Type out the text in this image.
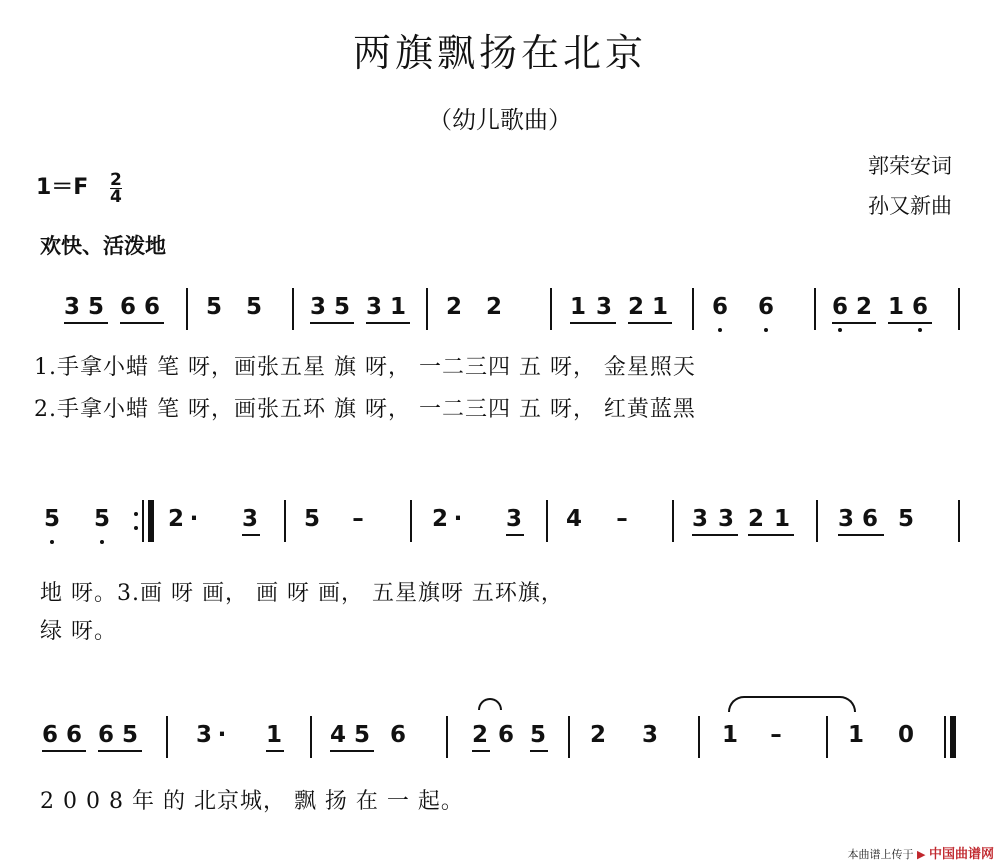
两旗飘扬在北京
（幼儿歌曲）
$1=F \frac{2}{4}$
郭荣安词
孙又新曲
欢快、活泼地
3 5 6 6 5 5 3 5 3 1 2 2	1 3 2 1 6 6	6 2 1 6
1.手拿小蜡 笔 呀，画张五星 旗 呀， 一二三四 五 呀， 金星照天
2.手拿小蜡 笔 呀，画张五环 旗 呀， 一二三四 五 呀， 红黄蓝黑
5 5	2 · 3 5 –	2 · 3 4 –	3 3 2 1 3 6 5
地 呀。3.画 呀 画， 画 呀 画， 五星旗呀 五环旗，
绿 呀。
6 6 6 5	3 · 1 4 5 6	2 6 5 2 3	1 –	1 0
2 0 0 8 年 的 北京城， 飘 扬 在 一 起。
本曲谱上传于 ▶ 中国曲谱网
